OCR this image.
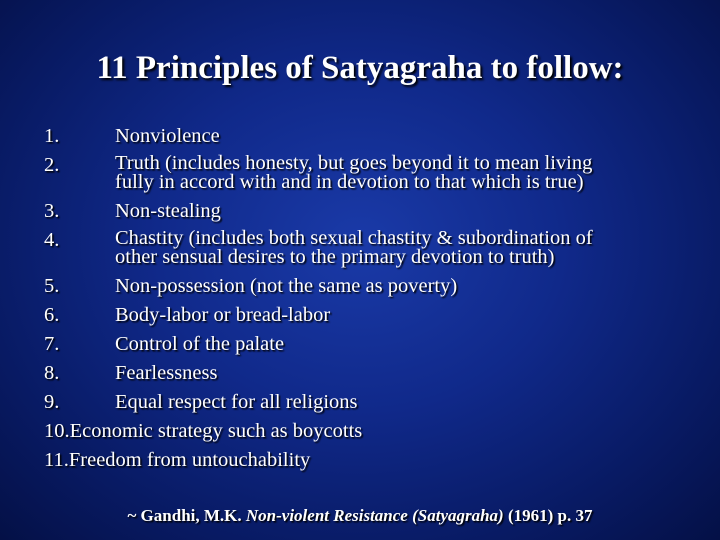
11 Principles of Satyagraha to follow:
1.	Nonviolence
2.	Truth (includes honesty, but goes beyond it to mean living
fully in accord with and in devotion to that which is true)
3.	Non-stealing
4.	Chastity (includes both sexual chastity & subordination of
other sensual desires to the primary devotion to truth)
5.	Non-possession (not the same as poverty)
6.	Body-labor or bread-labor
7.	Control of the palate
8.	Fearlessness
9.	Equal respect for all religions
10.Economic strategy such as boycotts
11.Freedom from untouchability
~ Gandhi, M.K. Non-violent Resistance (Satyagraha) (1961) p. 37
